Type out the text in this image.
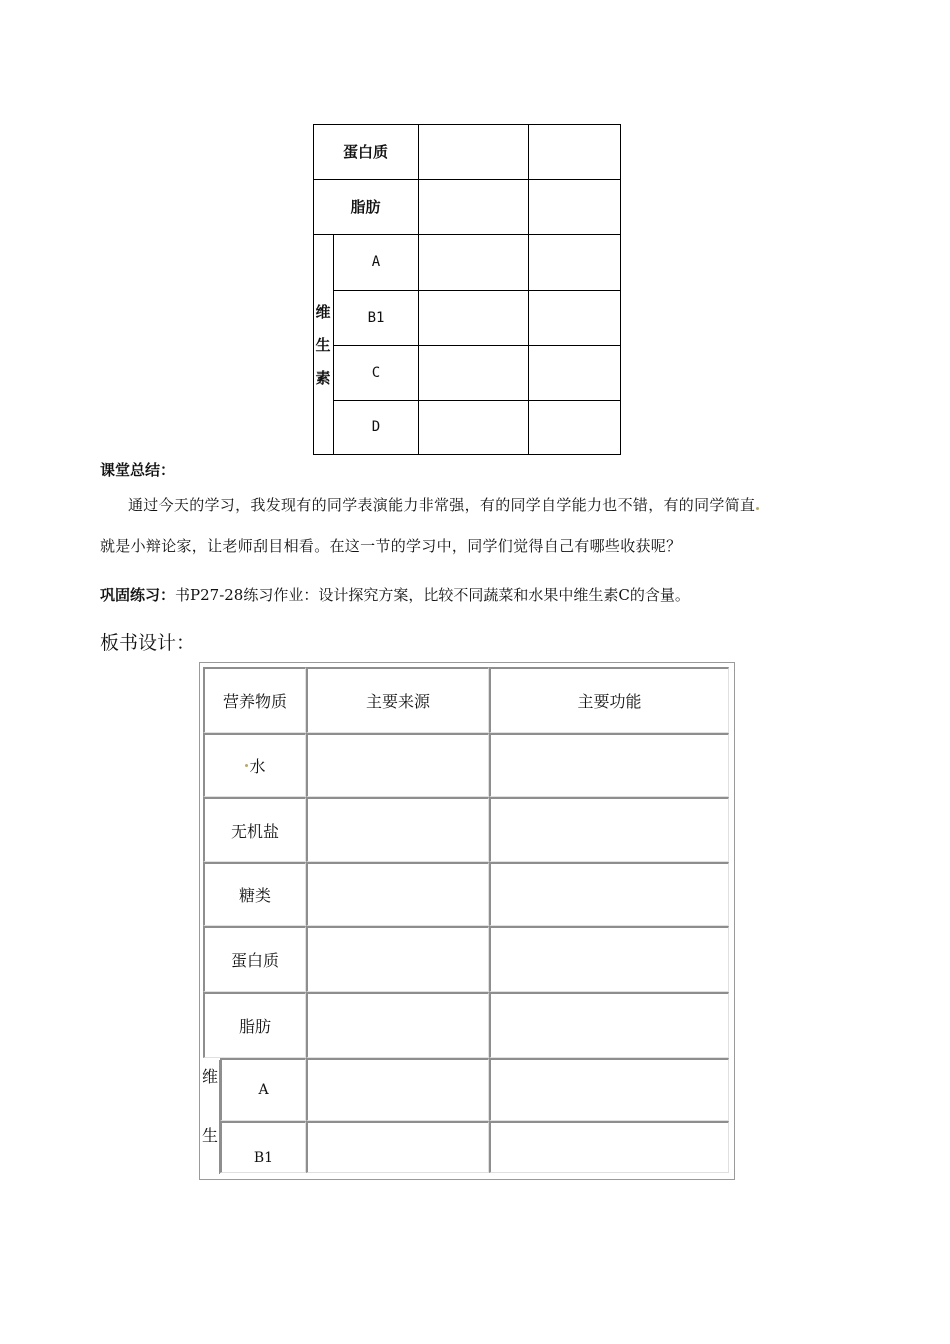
蛋白质
脂肪
维
生
素
A
B1
C
D
课堂总结：
通过今天的学习，我发现有的同学表演能力非常强，有的同学自学能力也不错，有的同学简直
就是小辩论家，让老师刮目相看。在这一节的学习中，同学们觉得自己有哪些收获呢？
巩固练习：书P27-28练习作业：设计探究方案，比较不同蔬菜和水果中维生素C的含量。
板书设计：
营养物质	主要来源	主要功能
水
无机盐
糖类
蛋白质
脂肪
维
生
A
B1
